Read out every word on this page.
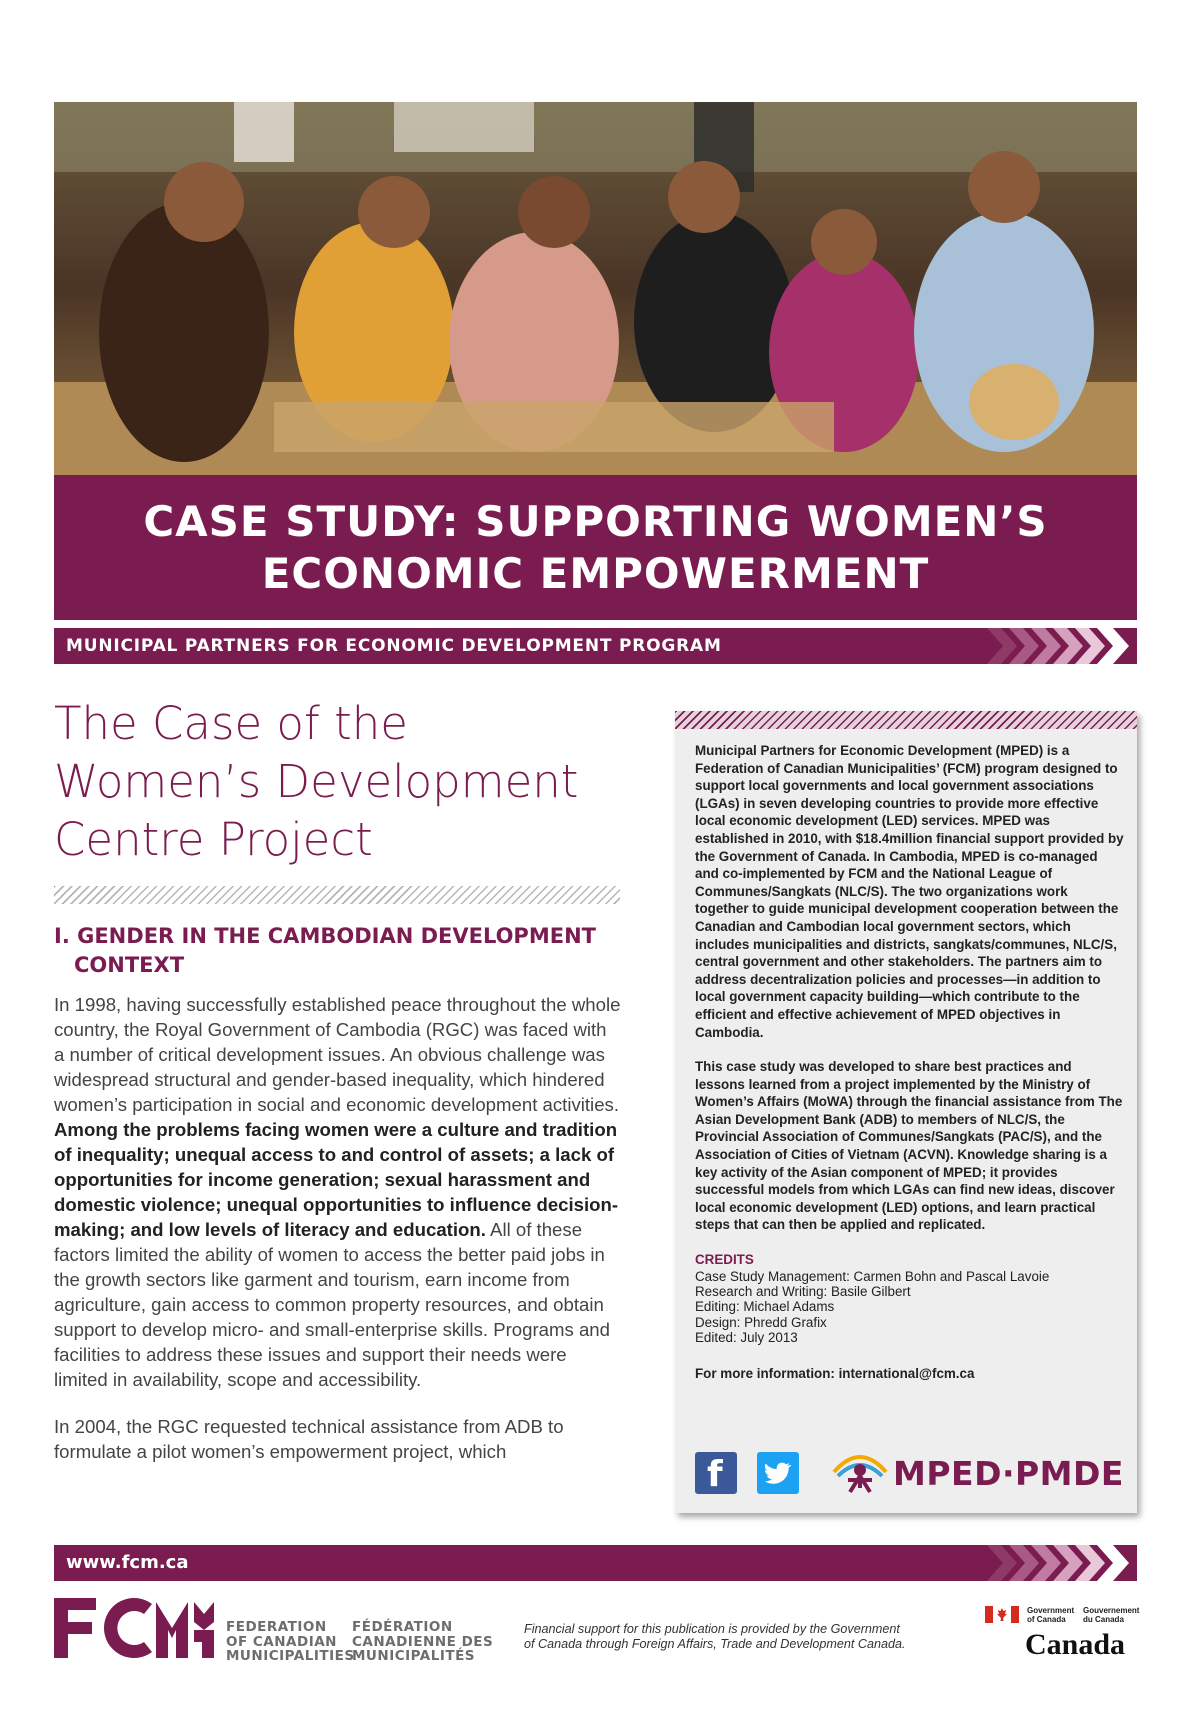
CASE STUDY: SUPPORTING WOMEN’S
ECONOMIC EMPOWERMENT
MUNICIPAL PARTNERS FOR ECONOMIC DEVELOPMENT PROGRAM
The Case of the
Women’s Development
Centre Project
I. GENDER IN THE CAMBODIAN DEVELOPMENT
CONTEXT

In 1998, having successfully established peace throughout the whole country, the Royal Government of Cambodia (RGC) was faced with a number of critical development issues. An obvious challenge was widespread structural and gender-based inequality, which hindered women’s participation in social and economic development activities. Among the problems facing women were a culture and tradition of inequality; unequal access to and control of assets; a lack of opportunities for income generation; sexual harassment and domestic violence; unequal opportunities to influence decision-making; and low levels of literacy and education. All of these factors limited the ability of women to access the better paid jobs in the growth sectors like garment and tourism, earn income from agriculture, gain access to common property resources, and obtain support to develop micro- and small-enterprise skills. Programs and facilities to address these issues and support their needs were limited in availability, scope and accessibility.

In 2004, the RGC requested technical assistance from ADB to formulate a pilot women’s empowerment project, which

Municipal Partners for Economic Development (MPED) is a Federation of Canadian Municipalities’ (FCM) program designed to support local governments and local government associations (LGAs) in seven developing countries to provide more effective local economic development (LED) services. MPED was established in 2010, with $18.4million financial support provided by the Government of Canada. In Cambodia, MPED is co-managed and co-implemented by FCM and the National League of Communes/Sangkats (NLC/S). The two organizations work together to guide municipal development cooperation between the Canadian and Cambodian local government sectors, which includes municipalities and districts, sangkats/communes, NLC/S, central government and other stakeholders. The partners aim to address decentralization policies and processes—in addition to local government capacity building—which contribute to the efficient and effective achievement of MPED objectives in Cambodia.

This case study was developed to share best practices and lessons learned from a project implemented by the Ministry of Women’s Affairs (MoWA) through the financial assistance from The Asian Development Bank (ADB) to members of NLC/S, the Provincial Association of Communes/Sangkats (PAC/S), and the Association of Cities of Vietnam (ACVN). Knowledge sharing is a key activity of the Asian component of MPED; it provides successful models from which LGAs can find new ideas, discover local economic development (LED) options, and learn practical steps that can then be applied and replicated.

CREDITS
Case Study Management: Carmen Bohn and Pascal Lavoie
Research and Writing: Basile Gilbert
Editing: Michael Adams
Design: Phredd Grafix
Edited: July 2013
For more information: international@fcm.ca
f	MPED·PMDE
www.fcm.ca
FEDERATION
OF CANADIAN
MUNICIPALITIES
FÉDÉRATION
CANADIENNE DES
MUNICIPALITÉS
Financial support for this publication is provided by the Government
of Canada through Foreign Affairs, Trade and Development Canada.
Government
of Canada
Gouvernement
du Canada
Canada
